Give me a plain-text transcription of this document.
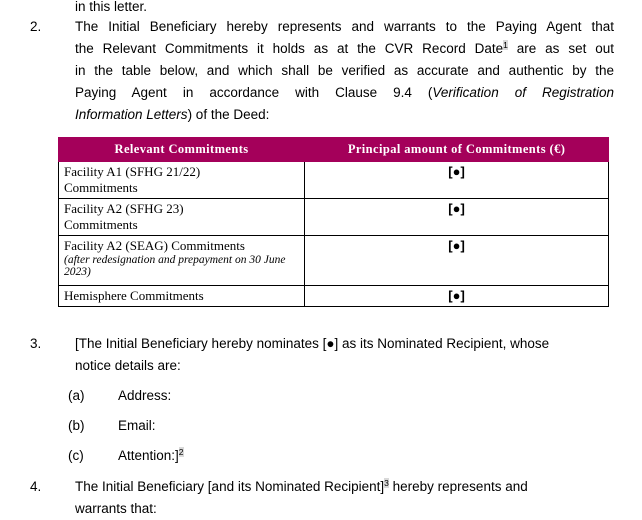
in this letter.
2.	The Initial Beneficiary hereby represents and warrants to the Paying Agent that

the Relevant Commitments it holds as at the CVR Record Date$^1$ are as set out

in the table below, and which shall be verified as accurate and authentic by the

Paying Agent in accordance with Clause 9.4 (Verification of Registration

Information Letters) of the Deed:

Relevant Commitments	Principal amount of Commitments (€)
Facility A1 (SFHG 21/22)
Commitments	[●]
Facility A2 (SFHG 23)
Commitments	[●]
Facility A2 (SEAG) Commitments
(after redesignation and prepayment on 30 June 2023)	[●]
Hemisphere Commitments	[●]
3.	[The Initial Beneficiary hereby nominates [●] as its Nominated Recipient, whose

notice details are:

(a)	Address:
(b)	Email:
(c)	Attention:]$^2$
4.	The Initial Beneficiary [and its Nominated Recipient]$^3$ hereby represents and

warrants that:
